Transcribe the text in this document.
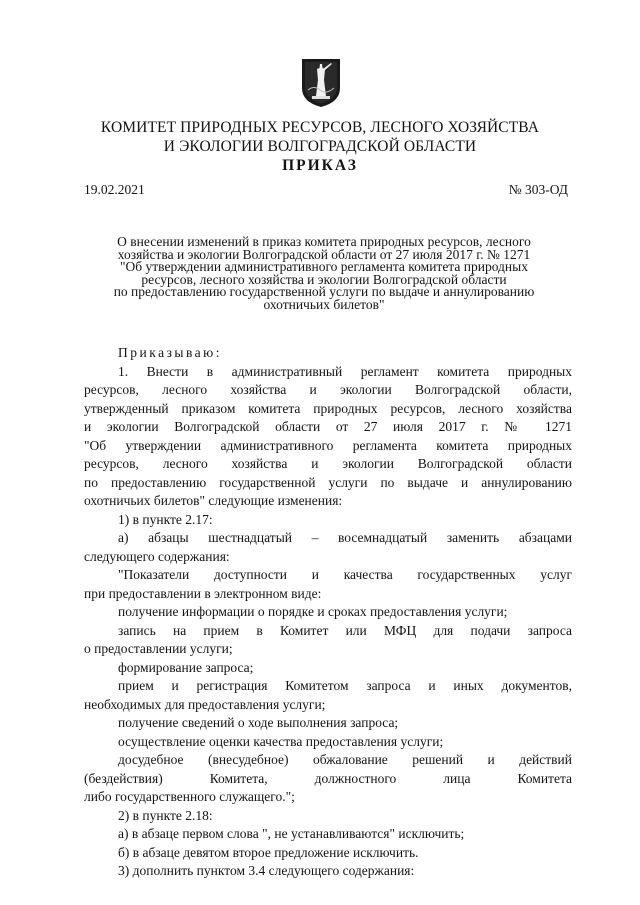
КОМИТЕТ ПРИРОДНЫХ РЕСУРСОВ, ЛЕСНОГО ХОЗЯЙСТВА
И ЭКОЛОГИИ ВОЛГОГРАДСКОЙ ОБЛАСТИ
ПРИКАЗ
19.02.2021	№ 303-ОД
О внесении изменений в приказ комитета природных ресурсов, лесного
хозяйства и экологии Волгоградской области от 27 июля 2017 г. № 1271
"Об утверждении административного регламента комитета природных
ресурсов, лесного хозяйства и экологии Волгоградской области
по предоставлению государственной услуги по выдаче и аннулированию
охотничьих билетов"

Приказываю:

1. Внести в административный регламент комитета природных

ресурсов, лесного хозяйства и экологии Волгоградской области,

утвержденный приказом комитета природных ресурсов, лесного хозяйства

и экологии Волгоградской области от 27 июля 2017 г. № 1271

"Об утверждении административного регламента комитета природных

ресурсов, лесного хозяйства и экологии Волгоградской области

по предоставлению государственной услуги по выдаче и аннулированию

охотничьих билетов" следующие изменения:

1) в пункте 2.17:

а) абзацы шестнадцатый – восемнадцатый заменить абзацами

следующего содержания:

"Показатели доступности и качества государственных услуг

при предоставлении в электронном виде:

получение информации о порядке и сроках предоставления услуги;

запись на прием в Комитет или МФЦ для подачи запроса

о предоставлении услуги;

формирование запроса;

прием и регистрация Комитетом запроса и иных документов,

необходимых для предоставления услуги;

получение сведений о ходе выполнения запроса;

осуществление оценки качества предоставления услуги;

досудебное (внесудебное) обжалование решений и действий

(бездействия) Комитета, должностного лица Комитета

либо государственного служащего.";

2) в пункте 2.18:

а) в абзаце первом слова ", не устанавливаются" исключить;

б) в абзаце девятом второе предложение исключить.

3) дополнить пунктом 3.4 следующего содержания:
